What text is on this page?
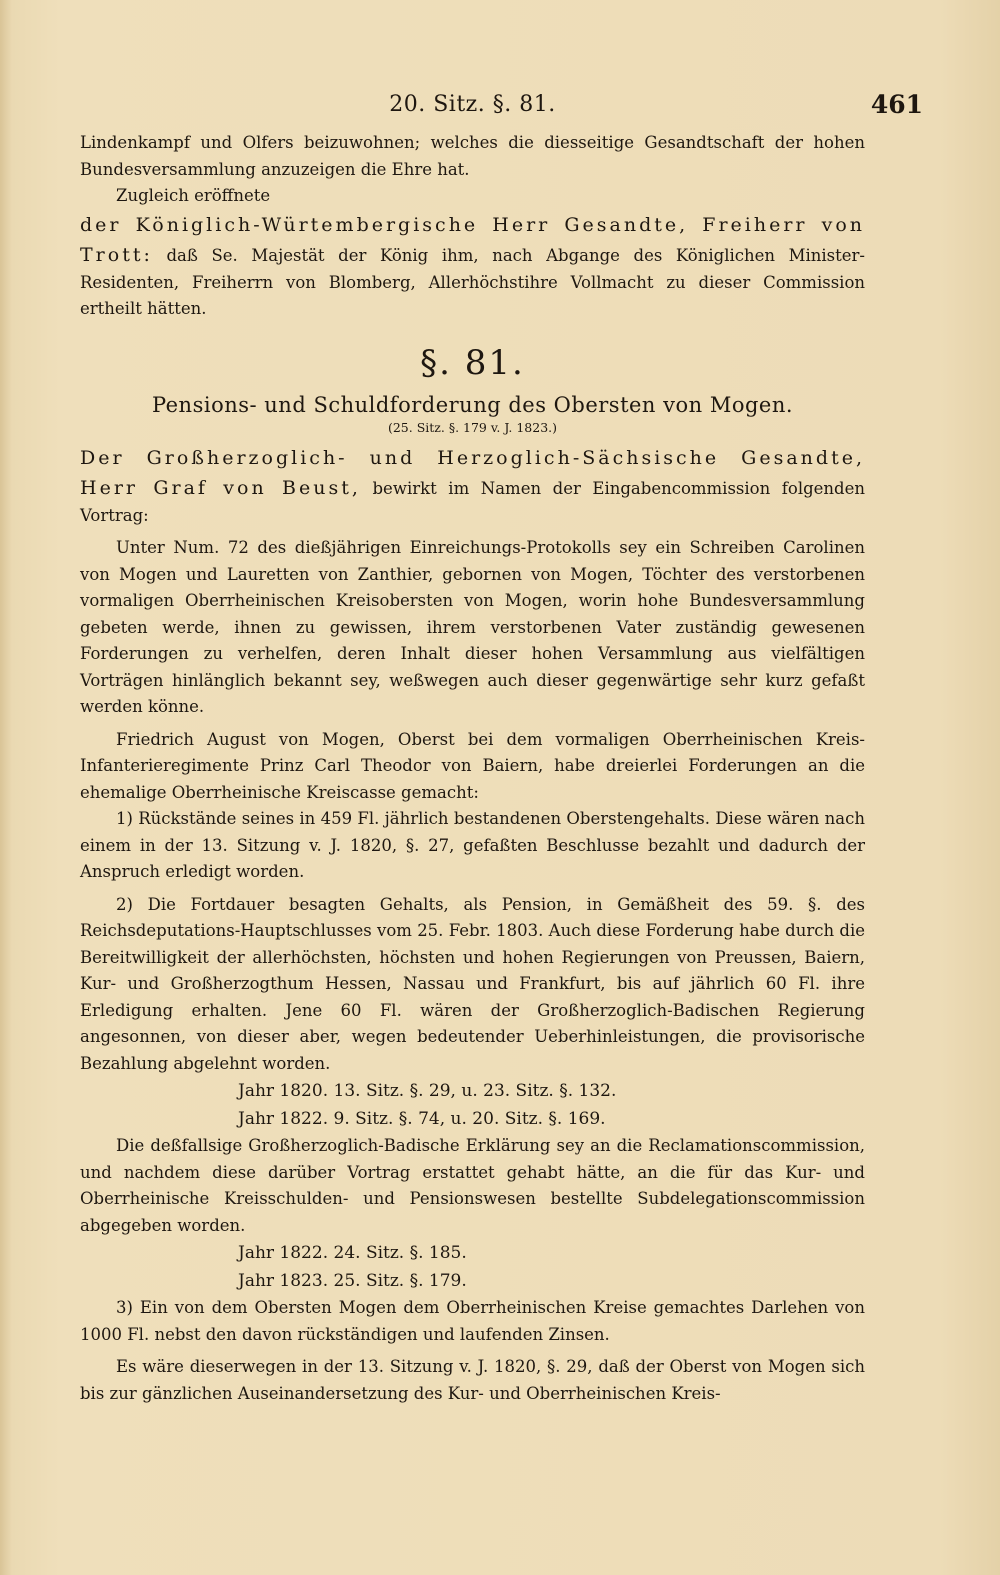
20. Sitz. §. 81.	461

Lindenkampf und Olfers beizuwohnen; welches die diesseitige Gesandtschaft der hohen Bundesversammlung anzuzeigen die Ehre hat.

Zugleich eröffnete

der Königlich-Würtembergische Herr Gesandte, Freiherr von Trott: daß Se. Majestät der König ihm, nach Abgange des Königlichen Minister-Residenten, Freiherrn von Blomberg, Allerhöchstihre Vollmacht zu dieser Commission ertheilt hätten.

§. 81.
Pensions- und Schuldforderung des Obersten von Mogen.
(25. Sitz. §. 179 v. J. 1823.)

Der Großherzoglich- und Herzoglich-Sächsische Gesandte, Herr Graf von Beust, bewirkt im Namen der Eingabencommission folgenden Vortrag:

Unter Num. 72 des dießjährigen Einreichungs-Protokolls sey ein Schreiben Carolinen von Mogen und Lauretten von Zanthier, gebornen von Mogen, Töchter des verstorbenen vormaligen Oberrheinischen Kreisobersten von Mogen, worin hohe Bundesversammlung gebeten werde, ihnen zu gewissen, ihrem verstorbenen Vater zuständig gewesenen Forderungen zu verhelfen, deren Inhalt dieser hohen Versammlung aus vielfältigen Vorträgen hinlänglich bekannt sey, weßwegen auch dieser gegenwärtige sehr kurz gefaßt werden könne.

Friedrich August von Mogen, Oberst bei dem vormaligen Oberrheinischen Kreis-Infanterieregimente Prinz Carl Theodor von Baiern, habe dreierlei Forderungen an die ehemalige Oberrheinische Kreiscasse gemacht:

1) Rückstände seines in 459 Fl. jährlich bestandenen Oberstengehalts. Diese wären nach einem in der 13. Sitzung v. J. 1820, §. 27, gefaßten Beschlusse bezahlt und dadurch der Anspruch erledigt worden.

2) Die Fortdauer besagten Gehalts, als Pension, in Gemäßheit des 59. §. des Reichsdeputations-Hauptschlusses vom 25. Febr. 1803. Auch diese Forderung habe durch die Bereitwilligkeit der allerhöchsten, höchsten und hohen Regierungen von Preussen, Baiern, Kur- und Großherzogthum Hessen, Nassau und Frankfurt, bis auf jährlich 60 Fl. ihre Erledigung erhalten. Jene 60 Fl. wären der Großherzoglich-Badischen Regierung angesonnen, von dieser aber, wegen bedeutender Ueberhinleistungen, die provisorische Bezahlung abgelehnt worden.

Jahr 1820. 13. Sitz. §. 29, u. 23. Sitz. §. 132.
Jahr 1822. 9. Sitz. §. 74, u. 20. Sitz. §. 169.

Die deßfallsige Großherzoglich-Badische Erklärung sey an die Reclamationscommission, und nachdem diese darüber Vortrag erstattet gehabt hätte, an die für das Kur- und Oberrheinische Kreisschulden- und Pensionswesen bestellte Subdelegationscommission abgegeben worden.

Jahr 1822. 24. Sitz. §. 185.
Jahr 1823. 25. Sitz. §. 179.

3) Ein von dem Obersten Mogen dem Oberrheinischen Kreise gemachtes Darlehen von 1000 Fl. nebst den davon rückständigen und laufenden Zinsen.

Es wäre dieserwegen in der 13. Sitzung v. J. 1820, §. 29, daß der Oberst von Mogen sich bis zur gänzlichen Auseinandersetzung des Kur- und Oberrheinischen Kreis-
